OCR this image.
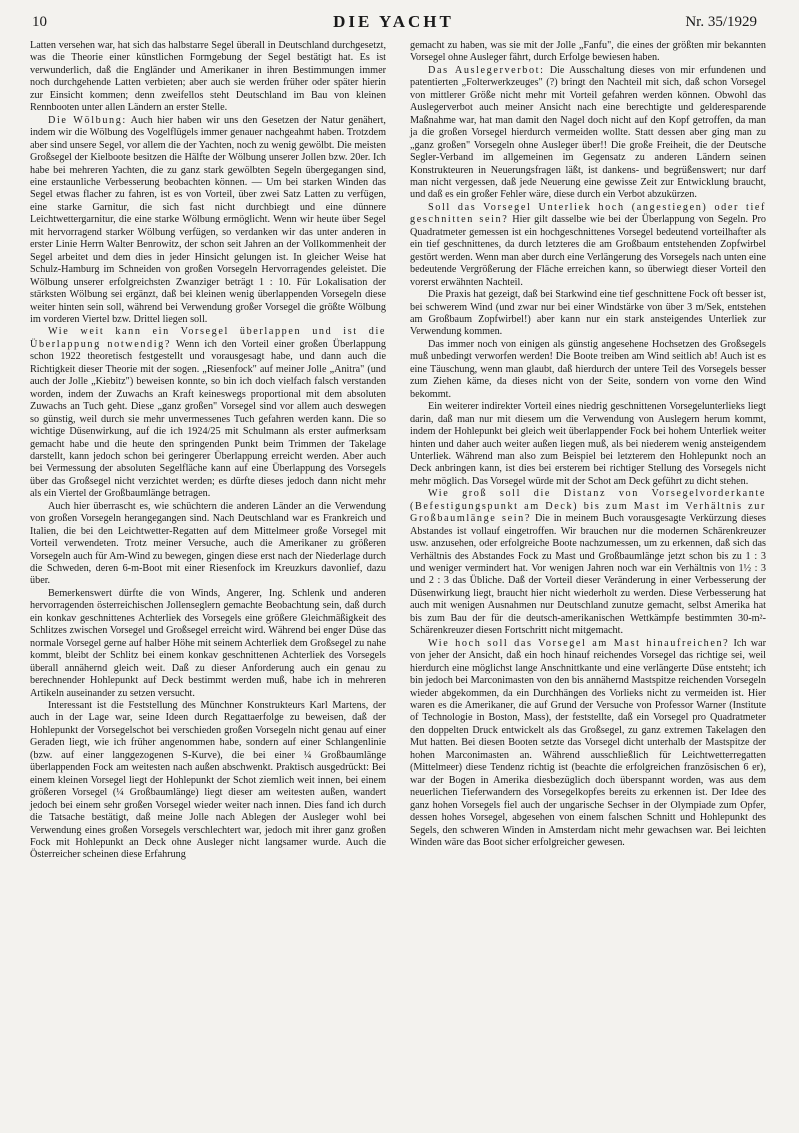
10	DIE YACHT	Nr. 35/1929

Latten versehen war, hat sich das halbstarre Segel überall in Deutschland durchgesetzt, was die Theorie einer künstlichen Formgebung der Segel bestätigt hat. Es ist verwunderlich, daß die Engländer und Amerikaner in ihren Bestimmungen immer noch durchgehende Latten verbieten; aber auch sie werden früher oder später hierin zur Einsicht kommen; denn zweifellos steht Deutschland im Bau von kleinen Rennbooten unter allen Ländern an erster Stelle.

Die Wölbung: Auch hier haben wir uns den Gesetzen der Natur genähert, indem wir die Wölbung des Vogelflügels immer genauer nachgeahmt haben. Trotzdem aber sind unsere Segel, vor allem die der Yachten, noch zu wenig gewölbt. Die meisten Großsegel der Kielboote besitzen die Hälfte der Wölbung unserer Jollen bzw. 20er. Ich habe bei mehreren Yachten, die zu ganz stark gewölbten Segeln übergegangen sind, eine erstaunliche Verbesserung beobachten können. — Um bei starken Winden das Segel etwas flacher zu fahren, ist es von Vorteil, über zwei Satz Latten zu verfügen, eine starke Garnitur, die sich fast nicht durchbiegt und eine dünnere Leichtwettergarnitur, die eine starke Wölbung ermöglicht. Wenn wir heute über Segel mit hervorragend starker Wölbung verfügen, so verdanken wir das unter anderen in erster Linie Herrn Walter Benrowitz, der schon seit Jahren an der Vollkommenheit der Segel arbeitet und dem dies in jeder Hinsicht gelungen ist. In gleicher Weise hat Schulz-Hamburg im Schneiden von großen Vorsegeln Hervorragendes geleistet. Die Wölbung unserer erfolgreichsten Zwanziger beträgt 1 : 10. Für Lokalisation der stärksten Wölbung sei ergänzt, daß bei kleinen wenig überlappenden Vorsegeln diese weiter hinten sein soll, während bei Verwendung großer Vorsegel die größte Wölbung im vorderen Viertel bzw. Drittel liegen soll.

Wie weit kann ein Vorsegel überlappen und ist die Überlappung notwendig? Wenn ich den Vorteil einer großen Überlappung schon 1922 theoretisch festgestellt und vorausgesagt habe, und dann auch die Richtigkeit dieser Theorie mit der sogen. „Riesenfock" auf meiner Jolle „Anitra" (und auch der Jolle „Kiebitz") beweisen konnte, so bin ich doch vielfach falsch verstanden worden, indem der Zuwachs an Kraft keineswegs proportional mit dem absoluten Zuwachs an Tuch geht. Diese „ganz großen" Vorsegel sind vor allem auch deswegen so günstig, weil durch sie mehr unvermessenes Tuch gefahren werden kann. Die so wichtige Düsenwirkung, auf die ich 1924/25 mit Schulmann als erster aufmerksam gemacht habe und die heute den springenden Punkt beim Trimmen der Takelage darstellt, kann jedoch schon bei geringerer Überlappung erreicht werden. Aber auch bei Vermessung der absoluten Segelfläche kann auf eine Überlappung des Vorsegels über das Großsegel nicht verzichtet werden; es dürfte dieses jedoch dann nicht mehr als ein Viertel der Großbaumlänge betragen.

Auch hier überrascht es, wie schüchtern die anderen Länder an die Verwendung von großen Vorsegeln herangegangen sind. Nach Deutschland war es Frankreich und Italien, die bei den Leichtwetter-Regatten auf dem Mittelmeer große Vorsegel mit Vorteil verwendeten. Trotz meiner Versuche, auch die Amerikaner zu größeren Vorsegeln auch für Am-Wind zu bewegen, gingen diese erst nach der Niederlage durch die Schweden, deren 6-m-Boot mit einer Riesenfock im Kreuzkurs davonlief, dazu über.

Bemerkenswert dürfte die von Winds, Angerer, Ing. Schlenk und anderen hervorragenden österreichischen Jollenseglern gemachte Beobachtung sein, daß durch ein konkav geschnittenes Achterliek des Vorsegels eine größere Gleichmäßigkeit des Schlitzes zwischen Vorsegel und Großsegel erreicht wird. Während bei enger Düse das normale Vorsegel gerne auf halber Höhe mit seinem Achterliek dem Großsegel zu nahe kommt, bleibt der Schlitz bei einem konkav geschnittenen Achterliek des Vorsegels überall annähernd gleich weit. Daß zu dieser Anforderung auch ein genau zu berechnender Hohlepunkt auf Deck bestimmt werden muß, habe ich in mehreren Artikeln auseinander zu setzen versucht.

Interessant ist die Feststellung des Münchner Konstrukteurs Karl Martens, der auch in der Lage war, seine Ideen durch Regattaerfolge zu beweisen, daß der Hohlepunkt der Vorsegelschot bei verschieden großen Vorsegeln nicht genau auf einer Geraden liegt, wie ich früher angenommen habe, sondern auf einer Schlangenlinie (bzw. auf einer langgezogenen S-Kurve), die bei einer ¼ Großbaumlänge überlappenden Fock am weitesten nach außen abschwenkt. Praktisch ausgedrückt: Bei einem kleinen Vorsegel liegt der Hohlepunkt der Schot ziemlich weit innen, bei einem größeren Vorsegel (¼ Großbaumlänge) liegt dieser am weitesten außen, wandert jedoch bei einem sehr großen Vorsegel wieder weiter nach innen. Dies fand ich durch die Tatsache bestätigt, daß meine Jolle nach Ablegen der Ausleger wohl bei Verwendung eines großen Vorsegels verschlechtert war, jedoch mit ihrer ganz großen Fock mit Hohlepunkt an Deck ohne Ausleger nicht langsamer wurde. Auch die Österreicher scheinen diese Erfahrung

gemacht zu haben, was sie mit der Jolle „Fanfu", die eines der größten mir bekannten Vorsegel ohne Ausleger fährt, durch Erfolge bewiesen haben.

Das Auslegerverbot: Die Ausschaltung dieses von mir erfundenen und patentierten „Folterwerkzeuges" (?) bringt den Nachteil mit sich, daß schon Vorsegel von mittlerer Größe nicht mehr mit Vorteil gefahren werden können. Obwohl das Auslegerverbot auch meiner Ansicht nach eine berechtigte und gelderesparende Maßnahme war, hat man damit den Nagel doch nicht auf den Kopf getroffen, da man ja die großen Vorsegel hierdurch vermeiden wollte. Statt dessen aber ging man zu „ganz großen" Vorsegeln ohne Ausleger über!! Die große Freiheit, die der Deutsche Segler-Verband im allgemeinen im Gegensatz zu anderen Ländern seinen Konstrukteuren in Neuerungsfragen läßt, ist dankens- und begrüßenswert; nur darf man nicht vergessen, daß jede Neuerung eine gewisse Zeit zur Entwicklung braucht, und daß es ein großer Fehler wäre, diese durch ein Verbot abzukürzen.

Soll das Vorsegel Unterliek hoch (angestiegen) oder tief geschnitten sein? Hier gilt dasselbe wie bei der Überlappung von Segeln. Pro Quadratmeter gemessen ist ein hochgeschnittenes Vorsegel bedeutend vorteilhafter als ein tief geschnittenes, da durch letzteres die am Großbaum entstehenden Zopfwirbel gestört werden. Wenn man aber durch eine Verlängerung des Vorsegels nach unten eine bedeutende Vergrößerung der Fläche erreichen kann, so überwiegt dieser Vorteil den vorerst erwähnten Nachteil.

Die Praxis hat gezeigt, daß bei Starkwind eine tief geschnittene Fock oft besser ist, bei schwerem Wind (und zwar nur bei einer Windstärke von über 3 m/Sek, entstehen am Großbaum Zopfwirbel!) aber kann nur ein stark ansteigendes Unterliek zur Verwendung kommen.

Das immer noch von einigen als günstig angesehene Hochsetzen des Großsegels muß unbedingt verworfen werden! Die Boote treiben am Wind seitlich ab! Auch ist es eine Täuschung, wenn man glaubt, daß hierdurch der untere Teil des Vorsegels besser zum Ziehen käme, da dieses nicht von der Seite, sondern von vorne den Wind bekommt.

Ein weiterer indirekter Vorteil eines niedrig geschnittenen Vorsegelunterlieks liegt darin, daß man nur mit diesem um die Verwendung von Auslegern herum kommt, indem der Hohlepunkt bei gleich weit überlappender Fock bei hohem Unterliek weiter hinten und daher auch weiter außen liegen muß, als bei niederem wenig ansteigendem Unterliek. Während man also zum Beispiel bei letzterem den Hohlepunkt noch an Deck anbringen kann, ist dies bei ersterem bei richtiger Stellung des Vorsegels nicht mehr möglich. Das Vorsegel würde mit der Schot am Deck geführt zu dicht stehen.

Wie groß soll die Distanz von Vorsegelvorderkante (Befestigungspunkt am Deck) bis zum Mast im Verhältnis zur Großbaumlänge sein? Die in meinem Buch vorausgesagte Verkürzung dieses Abstandes ist vollauf eingetroffen. Wir brauchen nur die modernen Schärenkreuzer usw. anzusehen, oder erfolgreiche Boote nachzumessen, um zu erkennen, daß sich das Verhältnis des Abstandes Fock zu Mast und Großbaumlänge jetzt schon bis zu 1 : 3 und weniger vermindert hat. Vor wenigen Jahren noch war ein Verhältnis von 1½ : 3 und 2 : 3 das Übliche. Daß der Vorteil dieser Veränderung in einer Verbesserung der Düsenwirkung liegt, braucht hier nicht wiederholt zu werden. Diese Verbesserung hat auch mit wenigen Ausnahmen nur Deutschland zunutze gemacht, selbst Amerika hat bis zum Bau der für die deutsch-amerikanischen Wettkämpfe bestimmten 30-m²-Schärenkreuzer diesen Fortschritt nicht mitgemacht.

Wie hoch soll das Vorsegel am Mast hinaufreichen? Ich war von jeher der Ansicht, daß ein hoch hinauf reichendes Vorsegel das richtige sei, weil hierdurch eine möglichst lange Anschnittkante und eine verlängerte Düse entsteht; ich bin jedoch bei Marconimasten von den bis annähernd Mastspitze reichenden Vorsegeln wieder abgekommen, da ein Durchhängen des Vorlieks nicht zu vermeiden ist. Hier waren es die Amerikaner, die auf Grund der Versuche von Professor Warner (Institute of Technologie in Boston, Mass), der feststellte, daß ein Vorsegel pro Quadratmeter den doppelten Druck entwickelt als das Großsegel, zu ganz extremen Takelagen den Mut hatten. Bei diesen Booten setzte das Vorsegel dicht unterhalb der Mastspitze der hohen Marconimasten an. Während ausschließlich für Leichtwetterregatten (Mittelmeer) diese Tendenz richtig ist (beachte die erfolgreichen französischen 6 er), war der Bogen in Amerika diesbezüglich doch überspannt worden, was aus dem neuerlichen Tieferwandern des Vorsegelkopfes bereits zu erkennen ist. Der Idee des ganz hohen Vorsegels fiel auch der ungarische Sechser in der Olympiade zum Opfer, dessen hohes Vorsegel, abgesehen von einem falschen Schnitt und Hohlepunkt des Segels, den schweren Winden in Amsterdam nicht mehr gewachsen war. Bei leichten Winden wäre das Boot sicher erfolgreicher gewesen.
